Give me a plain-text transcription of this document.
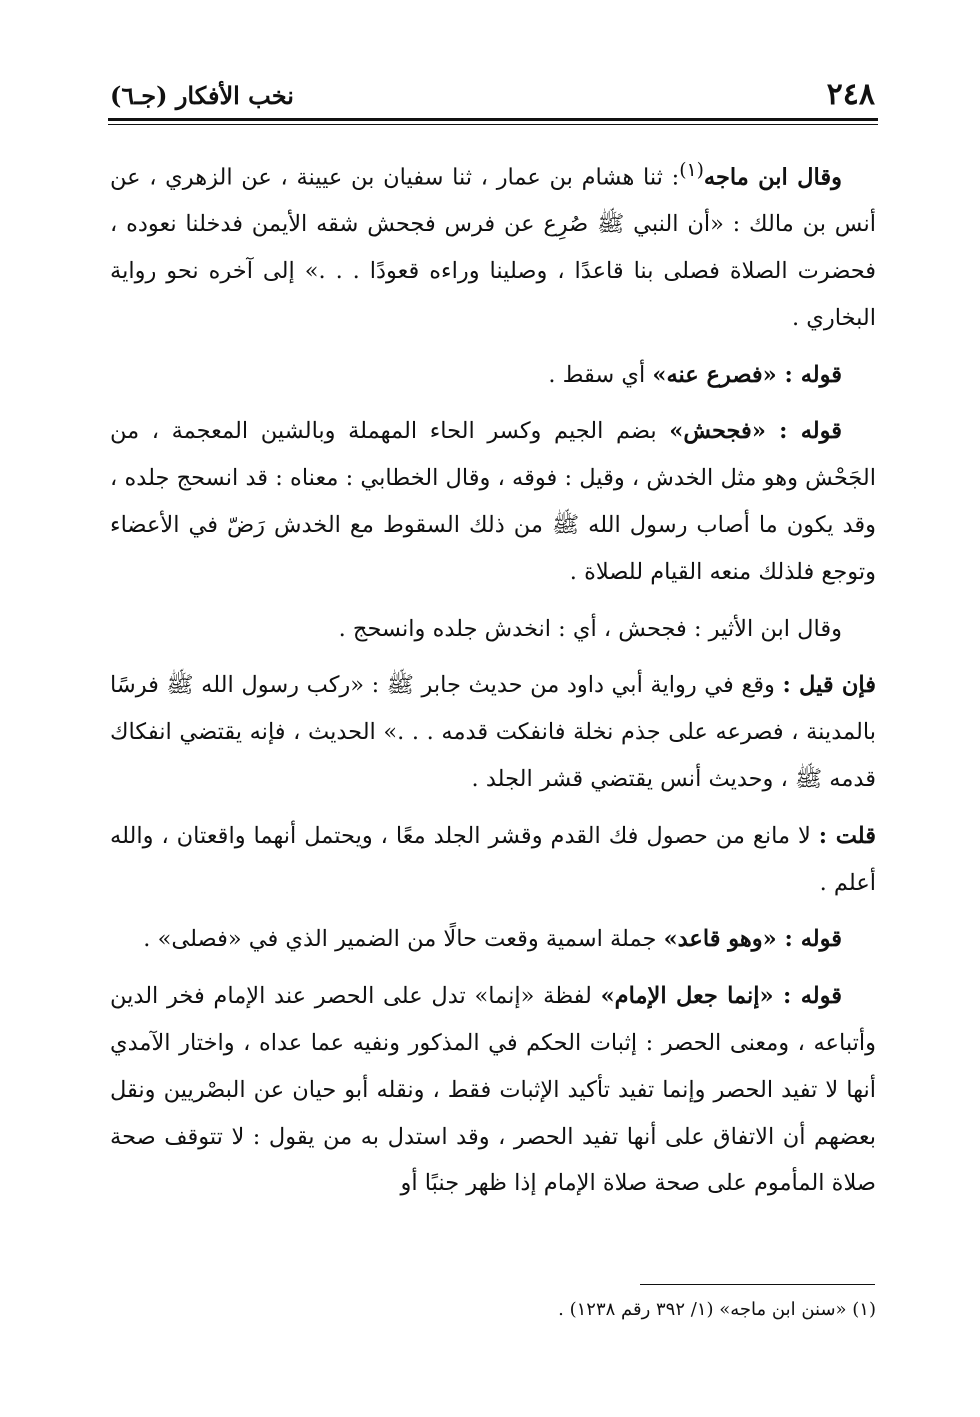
٢٤٨
نخب الأفكار (جـ٦)

وقال ابن ماجه$^{(١)}$: ثنا هشام بن عمار ، ثنا سفيان بن عيينة ، عن الزهري ، عن أنس بن مالك : «أن النبي ﷺ صُرِع عن فرس فجحش شقه الأيمن فدخلنا نعوده ، فحضرت الصلاة فصلى بنا قاعدًا ، وصلينا وراءه قعودًا . . .» إلى آخره نحو رواية البخاري .

قوله : «فصرع عنه» أي سقط .

قوله : «فجحش» بضم الجيم وكسر الحاء المهملة وبالشين المعجمة ، من الجَحْش وهو مثل الخدش ، وقيل : فوقه ، وقال الخطابي : معناه : قد انسحج جلده ، وقد يكون ما أصاب رسول الله ﷺ من ذلك السقوط مع الخدش رَضّ في الأعضاء وتوجع فلذلك منعه القيام للصلاة .

وقال ابن الأثير : فجحش ، أي : انخدش جلده وانسحج .

فإن قيل : وقع في رواية أبي داود من حديث جابر ﷺ : «ركب رسول الله ﷺ فرسًا بالمدينة ، فصرعه على جذم نخلة فانفكت قدمه . . .» الحديث ، فإنه يقتضي انفكاك قدمه ﷺ ، وحديث أنس يقتضي قشر الجلد .

قلت : لا مانع من حصول فك القدم وقشر الجلد معًا ، ويحتمل أنهما واقعتان ، والله أعلم .

قوله : «وهو قاعد» جملة اسمية وقعت حالًا من الضمير الذي في «فصلى» .

قوله : «إنما جعل الإمام» لفظة «إنما» تدل على الحصر عند الإمام فخر الدين وأتباعه ، ومعنى الحصر : إثبات الحكم في المذكور ونفيه عما عداه ، واختار الآمدي أنها لا تفيد الحصر وإنما تفيد تأكيد الإثبات فقط ، ونقله أبو حيان عن البصْريين ونقل بعضهم أن الاتفاق على أنها تفيد الحصر ، وقد استدل به من يقول : لا تتوقف صحة صلاة المأموم على صحة صلاة الإمام إذا ظهر جنبًا أو

(١) «سنن ابن ماجه» (١/ ٣٩٢ رقم ١٢٣٨) .
